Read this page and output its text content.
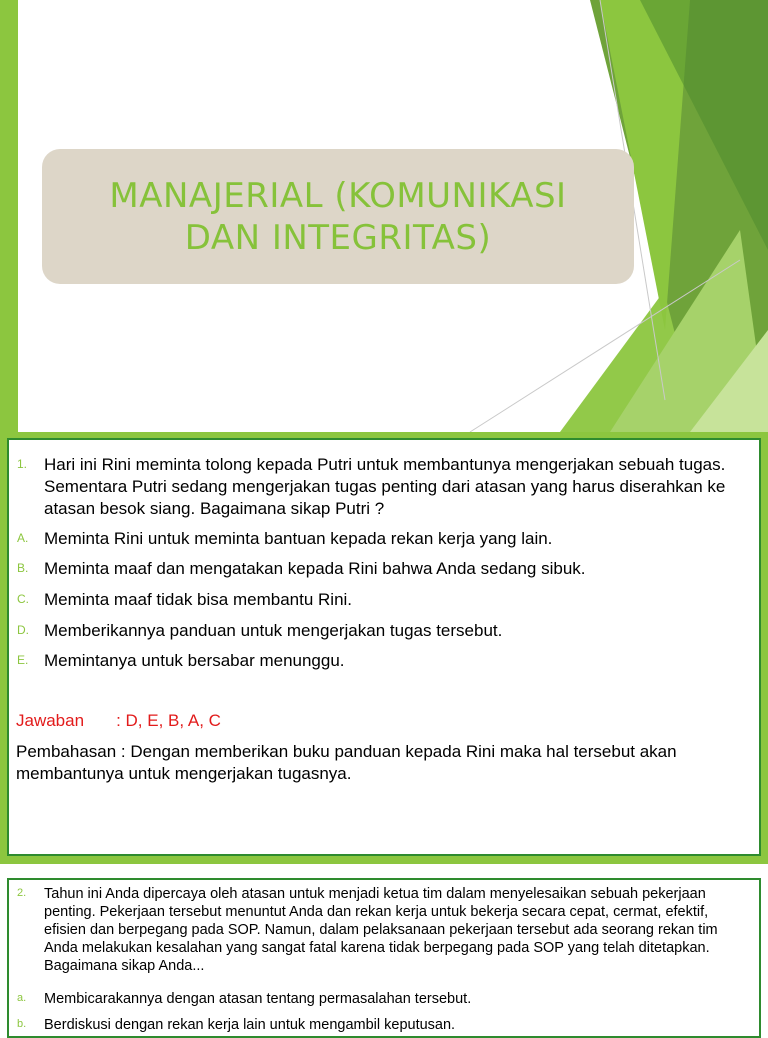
MANAJERIAL (KOMUNIKASI DAN INTEGRITAS)
1. Hari ini Rini meminta tolong kepada Putri untuk membantunya mengerjakan sebuah tugas. Sementara Putri sedang mengerjakan tugas penting dari atasan yang harus diserahkan ke atasan besok siang. Bagaimana sikap Putri ?
A. Meminta Rini untuk meminta bantuan kepada rekan kerja yang lain.
B. Meminta maaf dan mengatakan kepada Rini bahwa Anda sedang sibuk.
C. Meminta maaf tidak bisa membantu Rini.
D. Memberikannya panduan untuk mengerjakan tugas tersebut.
E. Memintanya untuk bersabar menunggu.
Jawaban : D, E, B, A, C
Pembahasan : Dengan memberikan buku panduan kepada Rini maka hal tersebut akan membantunya untuk mengerjakan tugasnya.
2.	Tahun ini Anda dipercaya oleh atasan untuk menjadi ketua tim dalam menyelesaikan sebuah pekerjaan penting. Pekerjaan tersebut menuntut Anda dan rekan kerja untuk bekerja secara cepat, cermat, efektif, efisien dan berpegang pada SOP. Namun, dalam pelaksanaan pekerjaan tersebut ada seorang rekan tim Anda melakukan kesalahan yang sangat fatal karena tidak berpegang pada SOP yang telah ditetapkan. Bagaimana sikap Anda...
a.	Membicarakannya dengan atasan tentang permasalahan tersebut.
b.	Berdiskusi dengan rekan kerja lain untuk mengambil keputusan.
